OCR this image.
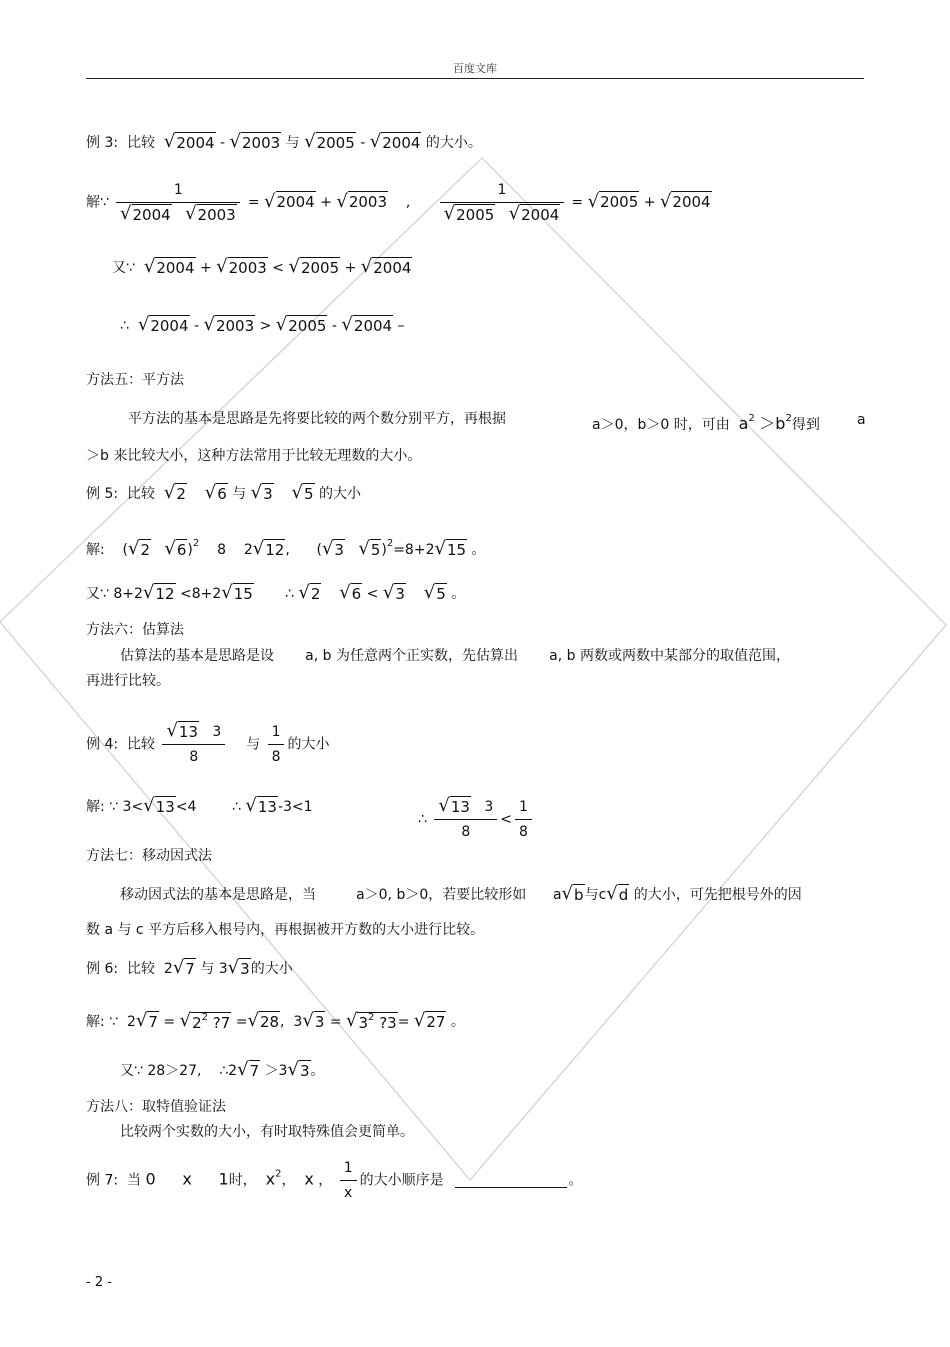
百度文库
例 3: 比较 √2004 - √2003 与 √2005 - √2004 的大小。
解∵ $\frac{1}{√2004 √2003} = √2004 + √2003$ , $\frac{1}{√2005 √2004} = √2005 + √2004$
又∵ √2004 + √2003 < √2005 + √2004
∴ √2004 - √2003 > √2005 - √2004 –
方法五：平方法
平方法的基本是思路是先将要比较的两个数分别平方，再根据	a＞0，b＞0 时，可由 $a^2 >b^2$得到	a
＞b 来比较大小，这种方法常用于比较无理数的大小。
例 5: 比较 √2 √6 与 √3 √5 的大小
解: (√2 √6)$^2$ 8 2√12, (√3 √5)$^2$=8+2√15 。
又∵ 8+2√12 <8+2√15 ∴ √2 √6 < √3 √5 。
方法六：估算法
估算法的基本是思路是设 a, b 为任意两个正实数，先估算出 a, b 两数或两数中某部分的取值范围，
再进行比较。
例 4: 比较 $\frac{√13 3}{8}$ 与 $\frac{1}{8}$ 的大小
解: ∵ 3<√13<4	∴ √13-3<1
∴ $\frac{√13 3}{8} < \frac{1}{8}$
方法七：移动因式法
移动因式法的基本是思路是，当	a＞0, b＞0，若要比较形如 a√b与c√d 的大小，可先把根号外的因
数 a 与 c 平方后移入根号内，再根据被开方数的大小进行比较。
例 6: 比较 2√7 与 3√3的大小
解: ∵ $2√7 = √2^2$ ?7 =√28, $3√3 = √3^2$ ?3= √27 。
又∵ 28＞27, ∴2√7 ＞3√3。
方法八：取特值验证法
比较两个实数的大小，有时取特殊值会更简单。
例 7: 当 0 x 1时， $x^2$， x ， $\frac{1}{x}$ 的大小顺序是	。
- 2 -
